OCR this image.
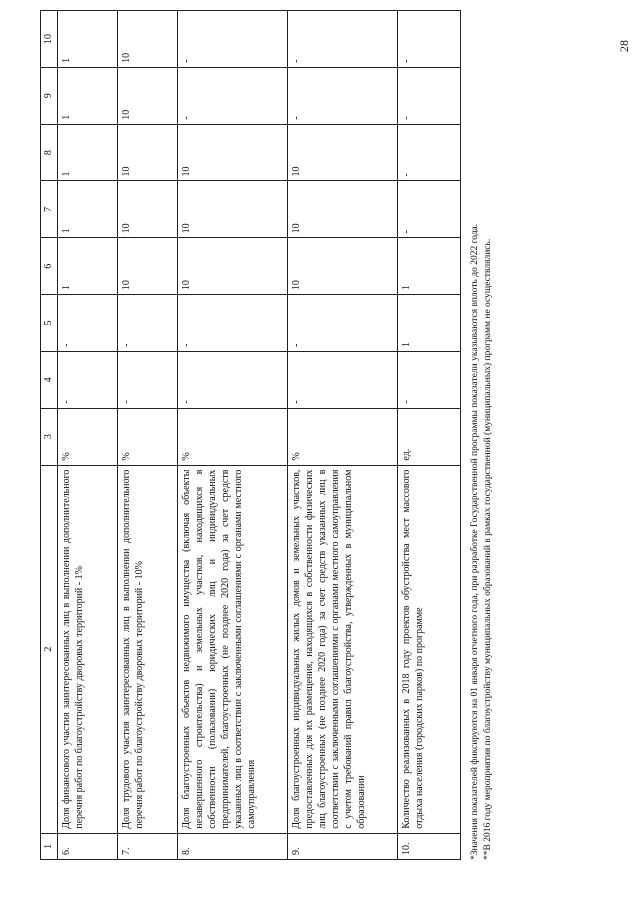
28
1	2	3	4	5	6	7	8	9	10
6.	Доля финансового участия заинтересованных лиц в выполнении дополнительного перечня работ по благоустройству дворовых территорий - 1%	%	-	-	1	1	1	1	1
7.	Доля трудового участия заинтересованных лиц в выполнении дополнительного перечня работ по благоустройству дворовых территорий - 10%	%	-	-	10	10	10	10	10
8.	Доля благоустроенных объектов недвижимого имущества (включая объекты незавершенного строительства) и земельных участков, находящихся в собственности (пользовании) юридических лиц и индивидуальных предпринимателей, благоустроенных (не позднее 2020 года) за счет средств указанных лиц в соответствии с заключенными соглашениями с органами местного самоуправления	%	-	-	10	10	10	-	-
9.	Доля благоустроенных индивидуальных жилых домов и земельных участков, предоставленных для их размещения, находящихся в собственности физических лиц благоустроенных (не позднее 2020 года) за счет средств указанных лиц в соответствии с заключенными соглашениями с органами местного самоуправления с учетом требований правил благоустройства, утвержденных в муниципальном образовании	%	-	-	10	10	10	-	-
10.	Количество реализованных в 2018 году проектов обустройства мест массового отдыха населения (городских парков) по программе	ед.	-	1	1	-	-	-	-
*Значения показателей фиксируются на 01 января отчетного года, при разработке Государственной программы показатели указываются вплоть до 2022 года. **В 2016 году мероприятия по благоустройству муниципальных образований в рамках государственной (муниципальных) программ не осуществлялись.
